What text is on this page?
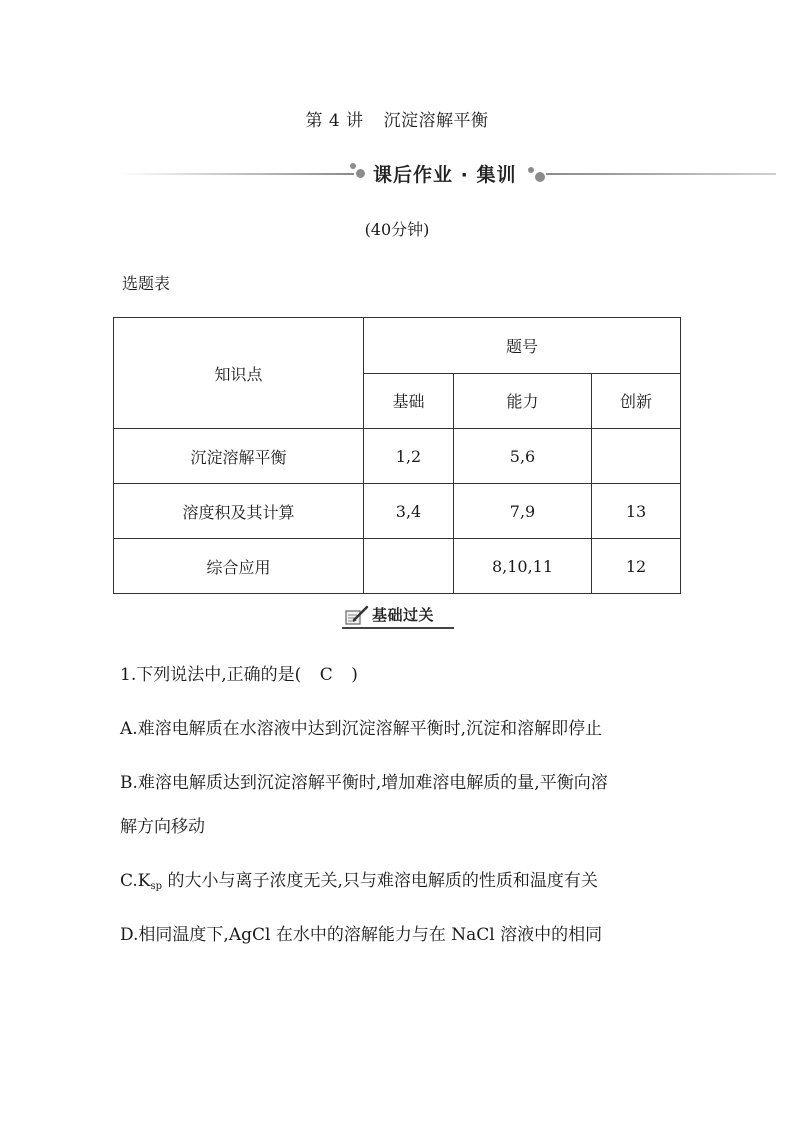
第 4 讲 沉淀溶解平衡
课后作业 · 集训
(40分钟)
选题表
知识点	题号		
	基础	能力	创新
沉淀溶解平衡	1,2	5,6	
溶度积及其计算	3,4	7,9	13
综合应用		8,10,11	12
基础过关
1.下列说法中,正确的是( C )
A.难溶电解质在水溶液中达到沉淀溶解平衡时,沉淀和溶解即停止
B.难溶电解质达到沉淀溶解平衡时,增加难溶电解质的量,平衡向溶
解方向移动
$C.K_{sp}$ 的大小与离子浓度无关,只与难溶电解质的性质和温度有关
D.相同温度下,AgCl 在水中的溶解能力与在 NaCl 溶液中的相同
